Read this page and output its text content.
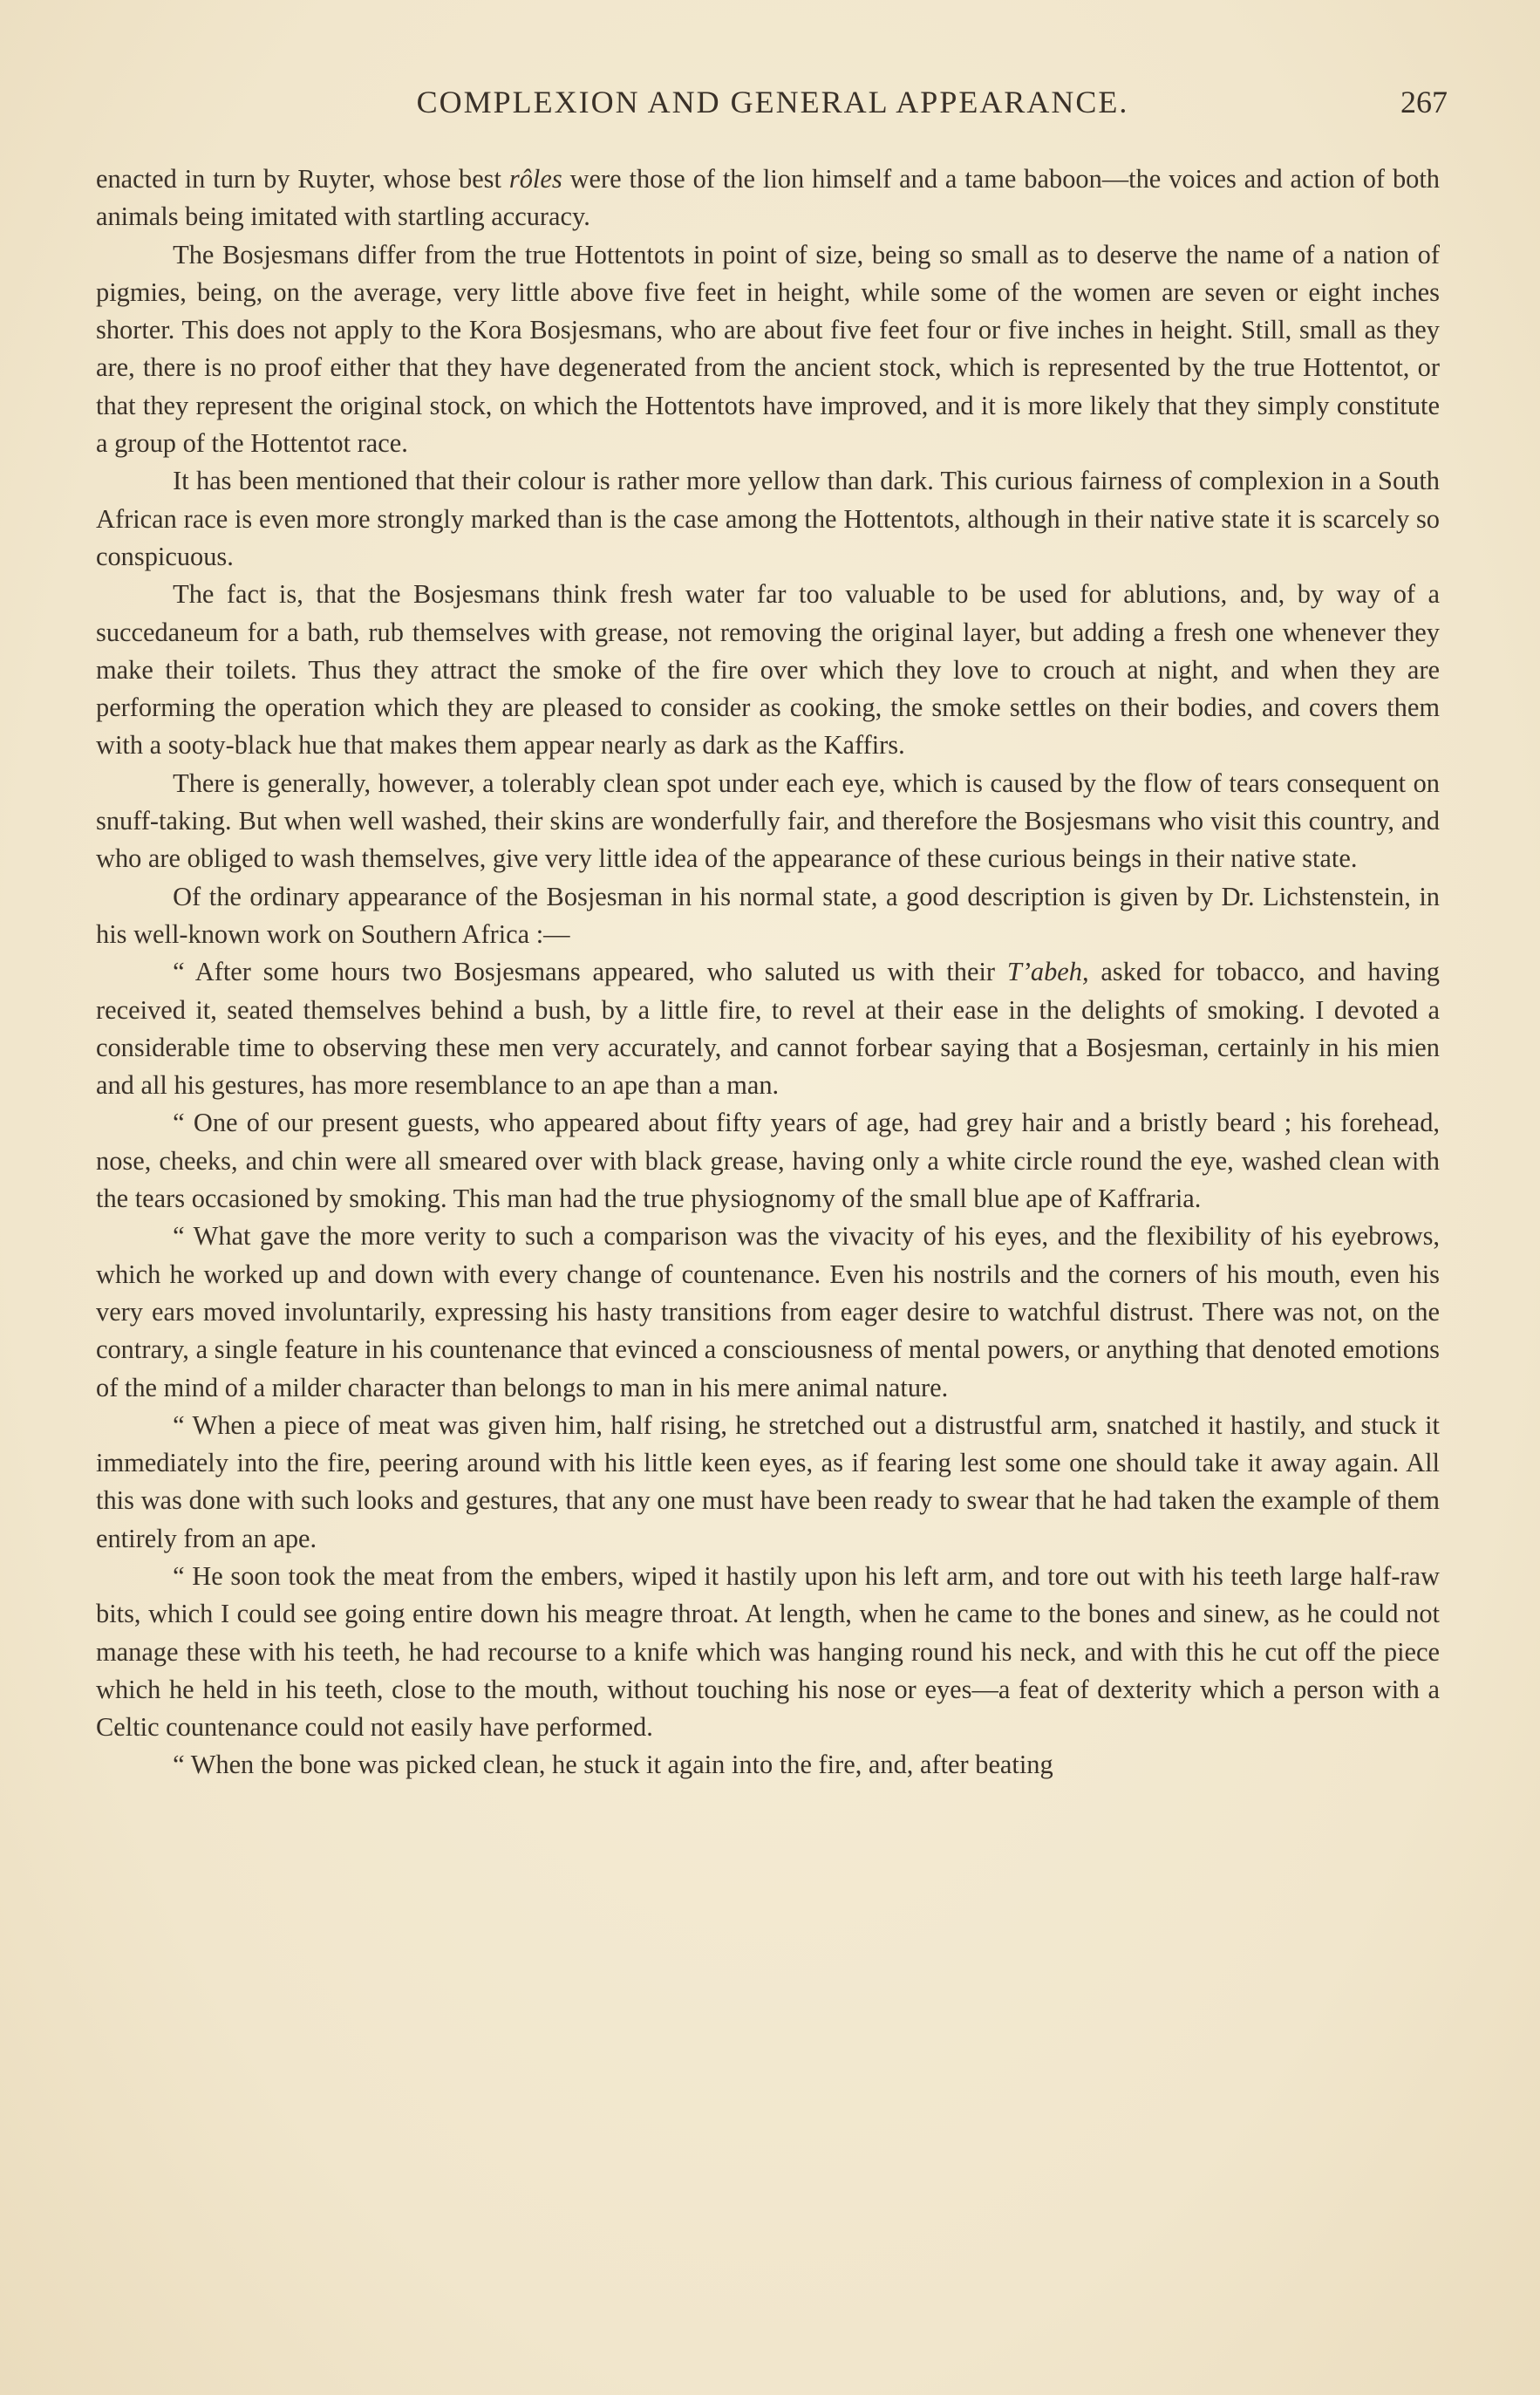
COMPLEXION AND GENERAL APPEARANCE.	267

enacted in turn by Ruyter, whose best rôles were those of the lion himself and a tame baboon—the voices and action of both animals being imitated with startling accuracy.

The Bosjesmans differ from the true Hottentots in point of size, being so small as to deserve the name of a nation of pigmies, being, on the average, very little above five feet in height, while some of the women are seven or eight inches shorter. This does not apply to the Kora Bosjesmans, who are about five feet four or five inches in height. Still, small as they are, there is no proof either that they have degenerated from the ancient stock, which is represented by the true Hottentot, or that they represent the original stock, on which the Hottentots have improved, and it is more likely that they simply constitute a group of the Hottentot race.

It has been mentioned that their colour is rather more yellow than dark. This curious fairness of complexion in a South African race is even more strongly marked than is the case among the Hottentots, although in their native state it is scarcely so conspicuous.

The fact is, that the Bosjesmans think fresh water far too valuable to be used for ablutions, and, by way of a succedaneum for a bath, rub themselves with grease, not removing the original layer, but adding a fresh one whenever they make their toilets. Thus they attract the smoke of the fire over which they love to crouch at night, and when they are performing the operation which they are pleased to consider as cooking, the smoke settles on their bodies, and covers them with a sooty-black hue that makes them appear nearly as dark as the Kaffirs.

There is generally, however, a tolerably clean spot under each eye, which is caused by the flow of tears consequent on snuff-taking. But when well washed, their skins are wonderfully fair, and therefore the Bosjesmans who visit this country, and who are obliged to wash themselves, give very little idea of the appearance of these curious beings in their native state.

Of the ordinary appearance of the Bosjesman in his normal state, a good description is given by Dr. Lichstenstein, in his well-known work on Southern Africa :—

“ After some hours two Bosjesmans appeared, who saluted us with their T’abeh, asked for tobacco, and having received it, seated themselves behind a bush, by a little fire, to revel at their ease in the delights of smoking. I devoted a considerable time to observing these men very accurately, and cannot forbear saying that a Bosjesman, certainly in his mien and all his gestures, has more resemblance to an ape than a man.

“ One of our present guests, who appeared about fifty years of age, had grey hair and a bristly beard ; his forehead, nose, cheeks, and chin were all smeared over with black grease, having only a white circle round the eye, washed clean with the tears occasioned by smoking. This man had the true physiognomy of the small blue ape of Kaffraria.

“ What gave the more verity to such a comparison was the vivacity of his eyes, and the flexibility of his eyebrows, which he worked up and down with every change of countenance. Even his nostrils and the corners of his mouth, even his very ears moved involuntarily, expressing his hasty transitions from eager desire to watchful distrust. There was not, on the contrary, a single feature in his countenance that evinced a consciousness of mental powers, or anything that denoted emotions of the mind of a milder character than belongs to man in his mere animal nature.

“ When a piece of meat was given him, half rising, he stretched out a distrustful arm, snatched it hastily, and stuck it immediately into the fire, peering around with his little keen eyes, as if fearing lest some one should take it away again. All this was done with such looks and gestures, that any one must have been ready to swear that he had taken the example of them entirely from an ape.

“ He soon took the meat from the embers, wiped it hastily upon his left arm, and tore out with his teeth large half-raw bits, which I could see going entire down his meagre throat. At length, when he came to the bones and sinew, as he could not manage these with his teeth, he had recourse to a knife which was hanging round his neck, and with this he cut off the piece which he held in his teeth, close to the mouth, without touching his nose or eyes—a feat of dexterity which a person with a Celtic countenance could not easily have performed.

“ When the bone was picked clean, he stuck it again into the fire, and, after beating
